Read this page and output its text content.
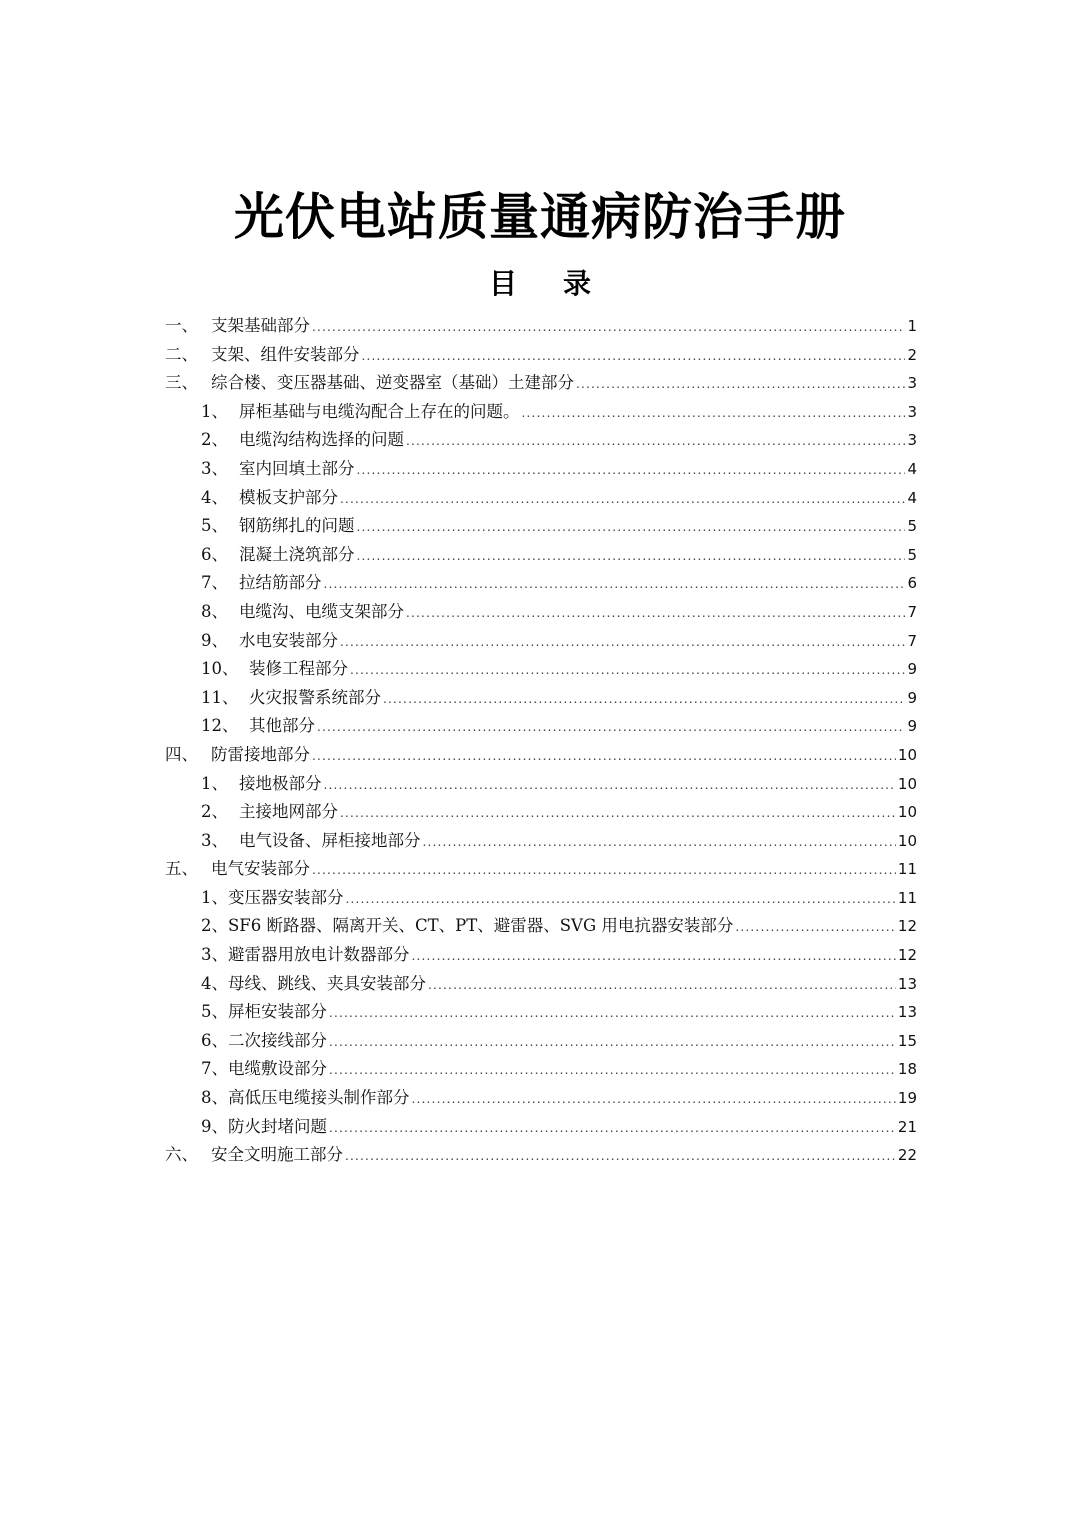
光伏电站质量通病防治手册
目 录
一、 支架基础部分 .....	1
二、 支架、组件安装部分 .....	2
三、 综合楼、变压器基础、逆变器室（基础）土建部分 .....	3
1、 屏柜基础与电缆沟配合上存在的问题。 .....	3
2、 电缆沟结构选择的问题 .....	3
3、 室内回填土部分 .....	4
4、 模板支护部分 .....	4
5、 钢筋绑扎的问题 .....	5
6、 混凝土浇筑部分 .....	5
7、 拉结筋部分 .....	6
8、 电缆沟、电缆支架部分 .....	7
9、 水电安装部分 .....	7
10、 装修工程部分 .....	9
11、 火灾报警系统部分 .....	9
12、 其他部分 .....	9
四、 防雷接地部分 .....	10
1、 接地极部分 .....	10
2、 主接地网部分 .....	10
3、 电气设备、屏柜接地部分 .....	10
五、 电气安装部分 .....	11
1、变压器安装部分 .....	11
2、SF6 断路器、隔离开关、CT、PT、避雷器、SVG 用电抗器安装部分 .....	12
3、避雷器用放电计数器部分 .....	12
4、母线、跳线、夹具安装部分 .....	13
5、屏柜安装部分 .....	13
6、二次接线部分 .....	15
7、电缆敷设部分 .....	18
8、高低压电缆接头制作部分 .....	19
9、防火封堵问题 .....	21
六、 安全文明施工部分 .....	22
